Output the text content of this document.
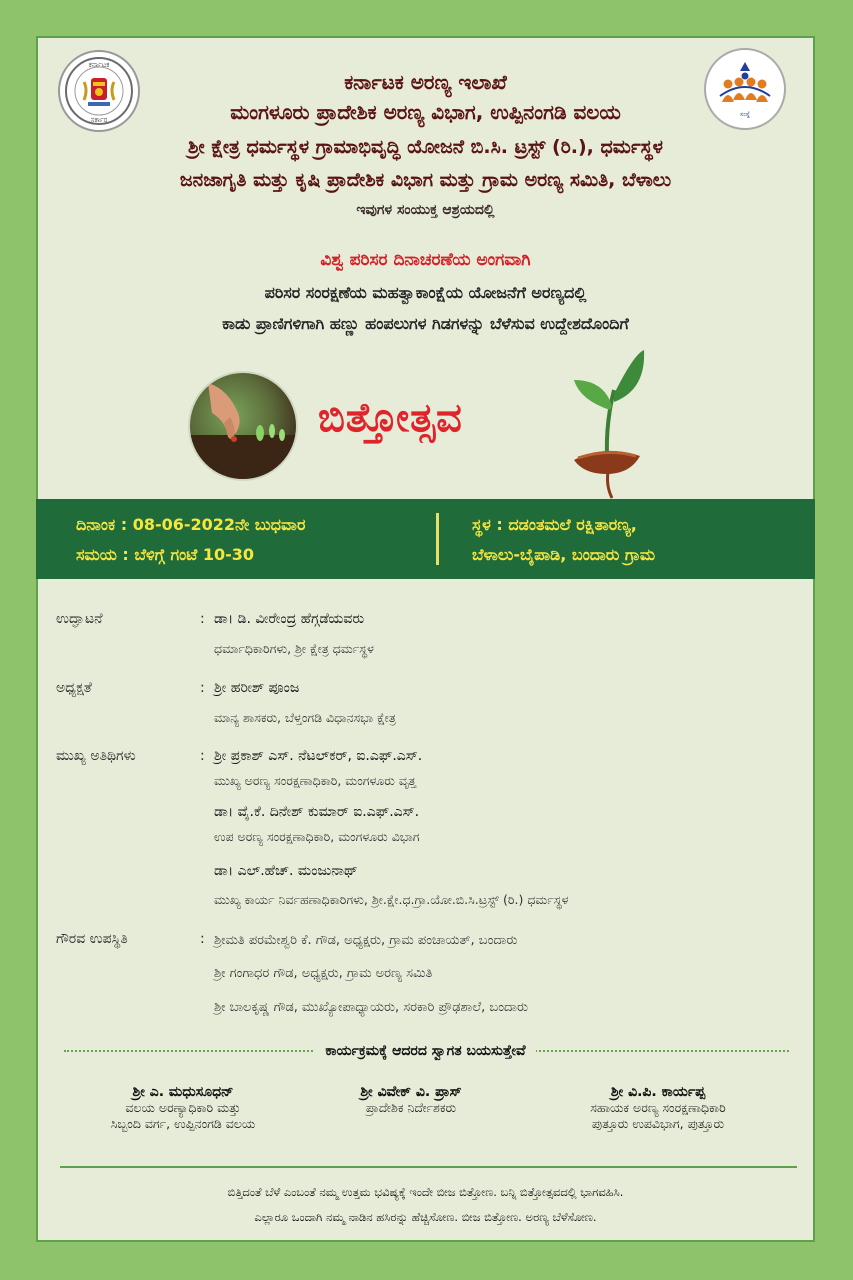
ಕರ್ನಾಟಕ
ಸರ್ಕಾರ
ಸಂಸ್ಥೆ
ಕರ್ನಾಟಕ ಅರಣ್ಯ ಇಲಾಖೆ
ಮಂಗಳೂರು ಪ್ರಾದೇಶಿಕ ಅರಣ್ಯ ವಿಭಾಗ, ಉಪ್ಪಿನಂಗಡಿ ವಲಯ
ಶ್ರೀ ಕ್ಷೇತ್ರ ಧರ್ಮಸ್ಥಳ ಗ್ರಾಮಾಭಿವೃದ್ಧಿ ಯೋಜನೆ ಬಿ.ಸಿ. ಟ್ರಸ್ಟ್ (ರಿ.), ಧರ್ಮಸ್ಥಳ
ಜನಜಾಗೃತಿ ಮತ್ತು ಕೃಷಿ ಪ್ರಾದೇಶಿಕ ವಿಭಾಗ ಮತ್ತು ಗ್ರಾಮ ಅರಣ್ಯ ಸಮಿತಿ, ಬೆಳಾಲು
ಇವುಗಳ ಸಂಯುಕ್ತ ಆಶ್ರಯದಲ್ಲಿ
ವಿಶ್ವ ಪರಿಸರ ದಿನಾಚರಣೆಯ ಅಂಗವಾಗಿ
ಪರಿಸರ ಸಂರಕ್ಷಣೆಯ ಮಹತ್ವಾಕಾಂಕ್ಷೆಯ ಯೋಜನೆಗೆ ಅರಣ್ಯದಲ್ಲಿ
ಕಾಡು ಪ್ರಾಣಿಗಳಿಗಾಗಿ ಹಣ್ಣು ಹಂಪಲುಗಳ ಗಿಡಗಳನ್ನು ಬೆಳೆಸುವ ಉದ್ದೇಶದೊಂದಿಗೆ
ಬಿತ್ತೋತ್ಸವ
ದಿನಾಂಕ : 08-06-2022ನೇ ಬುಧವಾರ
ಸಮಯ : ಬೆಳಿಗ್ಗೆ ಗಂಟೆ 10-30
ಸ್ಥಳ : ದಡಂತಮಲೆ ರಕ್ಷಿತಾರಣ್ಯ,
ಬೆಳಾಲು-ಬೈಪಾಡಿ, ಬಂದಾರು ಗ್ರಾಮ
ಉದ್ಘಾಟನೆ	: ಡಾ। ಡಿ. ವೀರೇಂದ್ರ ಹೆಗ್ಗಡೆಯವರು
ಧರ್ಮಾಧಿಕಾರಿಗಳು, ಶ್ರೀ ಕ್ಷೇತ್ರ ಧರ್ಮಸ್ಥಳ
ಅಧ್ಯಕ್ಷತೆ	: ಶ್ರೀ ಹರೀಶ್ ಪೂಂಜ
ಮಾನ್ಯ ಶಾಸಕರು, ಬೆಳ್ತಂಗಡಿ ವಿಧಾನಸಭಾ ಕ್ಷೇತ್ರ
ಮುಖ್ಯ ಅತಿಥಿಗಳು	: ಶ್ರೀ ಪ್ರಕಾಶ್ ಎಸ್. ನೆಟಲ್‌ಕರ್, ಐ.ಎಫ್.ಎಸ್.
ಮುಖ್ಯ ಅರಣ್ಯ ಸಂರಕ್ಷಣಾಧಿಕಾರಿ, ಮಂಗಳೂರು ವೃತ್ತ
ಡಾ। ವೈ.ಕೆ. ದಿನೇಶ್ ಕುಮಾರ್ ಐ.ಎಫ್.ಎಸ್.
ಉಪ ಅರಣ್ಯ ಸಂರಕ್ಷಣಾಧಿಕಾರಿ, ಮಂಗಳೂರು ವಿಭಾಗ
ಡಾ। ಎಲ್.ಹೆಚ್. ಮಂಜುನಾಥ್
ಮುಖ್ಯ ಕಾರ್ಯ ನಿರ್ವಹಣಾಧಿಕಾರಿಗಳು, ಶ್ರೀ.ಕ್ಷೇ.ಧ.ಗ್ರಾ.ಯೋ.ಬಿ.ಸಿ.ಟ್ರಸ್ಟ್ (ರಿ.) ಧರ್ಮಸ್ಥಳ
ಗೌರವ ಉಪಸ್ಥಿತಿ	: ಶ್ರೀಮತಿ ಪರಮೇಶ್ವರಿ ಕೆ. ಗೌಡ, ಅಧ್ಯಕ್ಷರು, ಗ್ರಾಮ ಪಂಚಾಯತ್, ಬಂದಾರು
ಶ್ರೀ ಗಂಗಾಧರ ಗೌಡ, ಅಧ್ಯಕ್ಷರು, ಗ್ರಾಮ ಅರಣ್ಯ ಸಮಿತಿ
ಶ್ರೀ ಬಾಲಕೃಷ್ಣ ಗೌಡ, ಮುಖ್ಯೋಪಾಧ್ಯಾಯರು, ಸರಕಾರಿ ಪ್ರೌಢಶಾಲೆ, ಬಂದಾರು
ಕಾರ್ಯಕ್ರಮಕ್ಕೆ ಆದರದ ಸ್ವಾಗತ ಬಯಸುತ್ತೇವೆ
ಶ್ರೀ ಎ. ಮಧುಸೂಧನ್
ವಲಯ ಅರಣ್ಯಾಧಿಕಾರಿ ಮತ್ತು
ಸಿಬ್ಬಂದಿ ವರ್ಗ, ಉಪ್ಪಿನಂಗಡಿ ವಲಯ
ಶ್ರೀ ವಿವೇಕ್ ವಿ. ಪ್ರಾಸ್
ಪ್ರಾದೇಶಿಕ ನಿರ್ದೇಶಕರು
ಶ್ರೀ ವಿ.ಪಿ. ಕಾರ್ಯಪ್ಪ
ಸಹಾಯಕ ಅರಣ್ಯ ಸಂರಕ್ಷಣಾಧಿಕಾರಿ
ಪುತ್ತೂರು ಉಪವಿಭಾಗ, ಪುತ್ತೂರು
ಬಿತ್ತಿದಂತೆ ಬೆಳೆ ಎಂಬಂತೆ ನಮ್ಮ ಉತ್ತಮ ಭವಿಷ್ಯಕ್ಕೆ ಇಂದೇ ಬೀಜ ಬಿತ್ತೋಣ. ಬನ್ನಿ ಬಿತ್ತೋತ್ಸವದಲ್ಲಿ ಭಾಗವಹಿಸಿ.
ಎಲ್ಲಾರೂ ಒಂದಾಗಿ ನಮ್ಮ ನಾಡಿನ ಹಸಿರನ್ನು ಹೆಚ್ಚಿಸೋಣ. ಬೀಜ ಬಿತ್ತೋಣ. ಅರಣ್ಯ ಬೆಳೆಸೋಣ.
